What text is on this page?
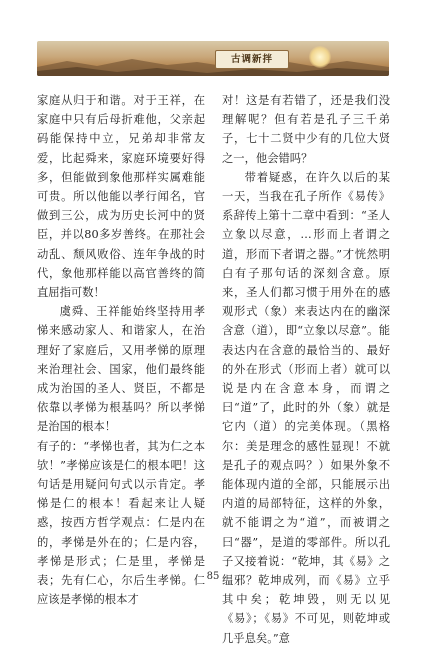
古调新拌

家庭从归于和谐。对于王祥，在家庭中只有后母折难他，父亲起码能保持中立，兄弟却非常友爱，比起舜来，家庭环境要好得多，但能做到象他那样实属难能可贵。所以他能以孝行闻名，官做到三公，成为历史长河中的贤臣，并以80多岁善终。在那社会动乱、颓风败俗、连年争战的时代，象他那样能以高官善终的简直屈指可数！

虞舜、王祥能始终坚持用孝悌来感动家人、和谐家人，在治理好了家庭后，又用孝悌的原理来治理社会、国家，他们最终能成为治国的圣人、贤臣，不都是依靠以孝悌为根基吗？所以孝悌是治国的根本！

有子的：“孝悌也者，其为仁之本欤！”孝悌应该是仁的根本吧！这句话是用疑问句式以示肯定。孝悌是仁的根本！看起来让人疑惑，按西方哲学观点：仁是内在的，孝悌是外在的；仁是内容，孝悌是形式；仁是里，孝悌是表；先有仁心，尔后生孝悌。仁应该是孝悌的根本才

对！这是有若错了，还是我们没理解呢？但有若是孔子三千弟子，七十二贤中少有的几位大贤之一，他会错吗？

带着疑惑，在许久以后的某一天，当我在孔子所作《易传》系辞传上第十二章中看到：“圣人立象以尽意，…形而上者谓之道，形而下者谓之器。”才恍然明白有子那句话的深刻含意。原来，圣人们都习惯于用外在的感观形式（象）来表达内在的幽深含意（道），即“立象以尽意”。能表达内在含意的最恰当的、最好的外在形式（形而上者）就可以说是内在含意本身，而谓之曰“道”了，此时的外（象）就是它内（道）的完美体现。（黑格尔：美是理念的感性显现！不就是孔子的观点吗？）如果外象不能体现内道的全部，只能展示出内道的局部特征，这样的外象，就不能谓之为“道”，而被谓之曰“器”，是道的零部件。所以孔子又接着说：“乾坤，其《易》之缊邪？乾坤成列，而《易》立乎其中矣；乾坤毁，则无以见《易》；《易》不可见，则乾坤或几乎息矣。”意

85
